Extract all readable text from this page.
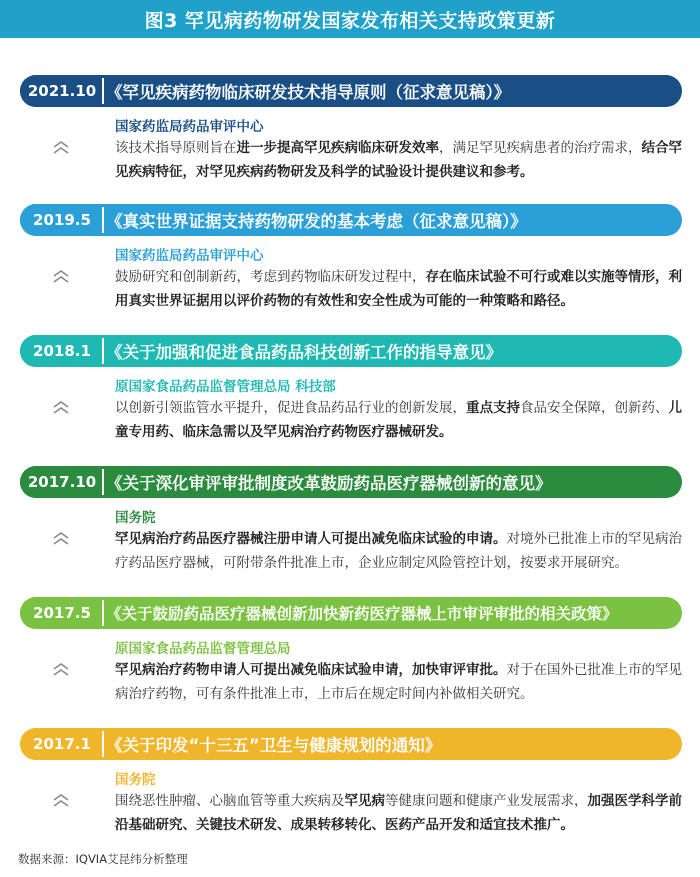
图3 罕见病药物研发国家发布相关支持政策更新
2021.10 《罕见疾病药物临床研发技术指导原则（征求意见稿）》
国家药监局药品审评中心
该技术指导原则旨在进一步提高罕见疾病临床研发效率，满足罕见疾病患者的治疗需求，结合罕见疾病特征，对罕见疾病药物研发及科学的试验设计提供建议和参考。
2019.5 《真实世界证据支持药物研发的基本考虑（征求意见稿）》
国家药监局药品审评中心
鼓励研究和创制新药，考虑到药物临床研发过程中，存在临床试验不可行或难以实施等情形，利用真实世界证据用以评价药物的有效性和安全性成为可能的一种策略和路径。
2018.1 《关于加强和促进食品药品科技创新工作的指导意见》
原国家食品药品监督管理总局 科技部
以创新引领监管水平提升，促进食品药品行业的创新发展，重点支持食品安全保障，创新药、儿童专用药、临床急需以及罕见病治疗药物医疗器械研发。
2017.10 《关于深化审评审批制度改革鼓励药品医疗器械创新的意见》
国务院
罕见病治疗药品医疗器械注册申请人可提出减免临床试验的申请。对境外已批准上市的罕见病治疗药品医疗器械，可附带条件批准上市，企业应制定风险管控计划，按要求开展研究。
2017.5 《关于鼓励药品医疗器械创新加快新药医疗器械上市审评审批的相关政策》
原国家食品药品监督管理总局
罕见病治疗药物申请人可提出减免临床试验申请，加快审评审批。对于在国外已批准上市的罕见病治疗药物，可有条件批准上市，上市后在规定时间内补做相关研究。
2017.1 《关于印发“十三五”卫生与健康规划的通知》
国务院
围绕恶性肿瘤、心脑血管等重大疾病及罕见病等健康问题和健康产业发展需求，加强医学科学前沿基础研究、关键技术研发、成果转移转化、医药产品开发和适宜技术推广。
数据来源：IQVIA艾昆纬分析整理
